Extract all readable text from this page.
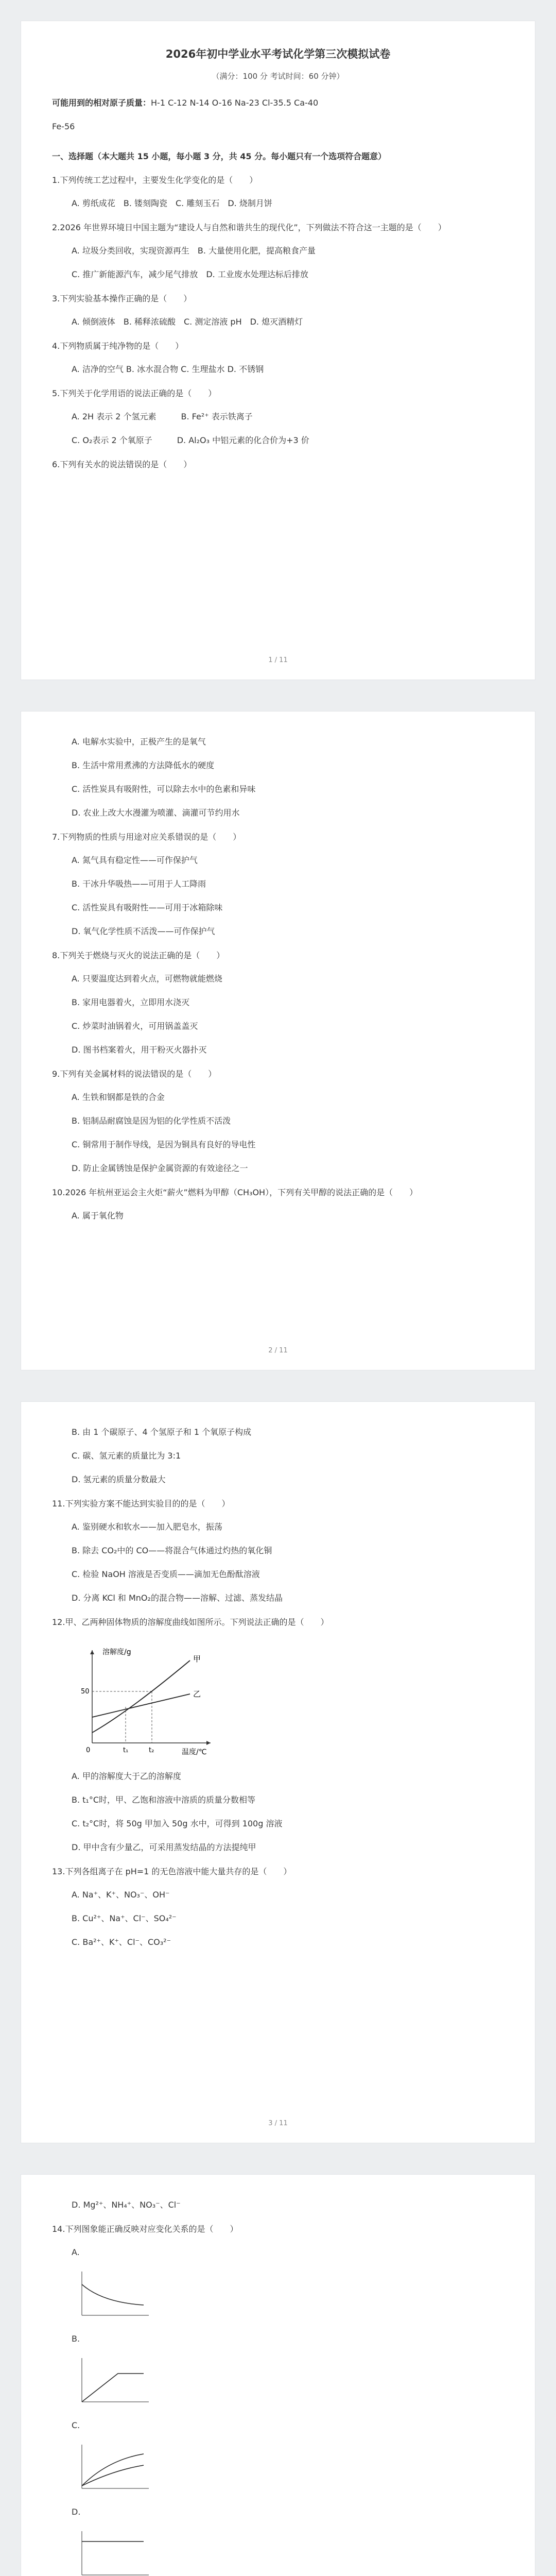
2026年初中学业水平考试化学第三次模拟试卷
（满分：100 分 考试时间：60 分钟）
可能用到的相对原子质量：H-1 C-12 N-14 O-16 Na-23 Cl-35.5 Ca-40
Fe-56
一、选择题（本大题共 15 小题，每小题 3 分，共 45 分。每小题只有一个选项符合题意）
1.下列传统工艺过程中，主要发生化学变化的是（　　）
A. 剪纸成花　B. 镂刻陶瓷　C. 雕刻玉石　D. 烧制月饼
2.2026 年世界环境日中国主题为“建设人与自然和谐共生的现代化”，下列做法不符合这一主题的是（　　）
A. 垃圾分类回收，实现资源再生　B. 大量使用化肥，提高粮食产量
C. 推广新能源汽车，减少尾气排放　D. 工业废水处理达标后排放
3.下列实验基本操作正确的是（　　）
A. 倾倒液体　B. 稀释浓硫酸　C. 测定溶液 pH　D. 熄灭酒精灯
4.下列物质属于纯净物的是（　　）
A. 洁净的空气 B. 冰水混合物 C. 生理盐水 D. 不锈钢
5.下列关于化学用语的说法正确的是（　　）
A. 2H 表示 2 个氢元素　　　B. Fe²⁺ 表示铁离子
C. O₂表示 2 个氧原子　　　D. Al₂O₃ 中铝元素的化合价为+3 价
6.下列有关水的说法错误的是（　　）
1 / 11
A. 电解水实验中，正极产生的是氧气
B. 生活中常用煮沸的方法降低水的硬度
C. 活性炭具有吸附性，可以除去水中的色素和异味
D. 农业上改大水漫灌为喷灌、滴灌可节约用水
7.下列物质的性质与用途对应关系错误的是（　　）
A. 氮气具有稳定性——可作保护气
B. 干冰升华吸热——可用于人工降雨
C. 活性炭具有吸附性——可用于冰箱除味
D. 氧气化学性质不活泼——可作保护气
8.下列关于燃烧与灭火的说法正确的是（　　）
A. 只要温度达到着火点，可燃物就能燃烧
B. 家用电器着火，立即用水浇灭
C. 炒菜时油锅着火，可用锅盖盖灭
D. 图书档案着火，用干粉灭火器扑灭
9.下列有关金属材料的说法错误的是（　　）
A. 生铁和钢都是铁的合金
B. 铝制品耐腐蚀是因为铝的化学性质不活泼
C. 铜常用于制作导线，是因为铜具有良好的导电性
D. 防止金属锈蚀是保护金属资源的有效途径之一
10.2026 年杭州亚运会主火炬“薪火”燃料为甲醇（CH₃OH），下列有关甲醇的说法正确的是（　　）
A. 属于氧化物
2 / 11
B. 由 1 个碳原子、4 个氢原子和 1 个氧原子构成
C. 碳、氢元素的质量比为 3:1
D. 氢元素的质量分数最大
11.下列实验方案不能达到实验目的的是（　　）
A. 鉴别硬水和软水——加入肥皂水，振荡
B. 除去 CO₂中的 CO——将混合气体通过灼热的氧化铜
C. 检验 NaOH 溶液是否变质——滴加无色酚酞溶液
D. 分离 KCl 和 MnO₂的混合物——溶解、过滤、蒸发结晶
12.甲、乙两种固体物质的溶解度曲线如图所示。下列说法正确的是（　　）
溶解度/g
温度/℃
50
0	t₁	t₂
甲
乙
A. 甲的溶解度大于乙的溶解度
B. t₁°C时，甲、乙饱和溶液中溶质的质量分数相等
C. t₂°C时，将 50g 甲加入 50g 水中，可得到 100g 溶液
D. 甲中含有少量乙，可采用蒸发结晶的方法提纯甲
13.下列各组离子在 pH=1 的无色溶液中能大量共存的是（　　）
A. Na⁺、K⁺、NO₃⁻、OH⁻
B. Cu²⁺、Na⁺、Cl⁻、SO₄²⁻
C. Ba²⁺、K⁺、Cl⁻、CO₃²⁻
3 / 11
D. Mg²⁺、NH₄⁺、NO₃⁻、Cl⁻
14.下列图象能正确反映对应变化关系的是（　　）
A.
B.
C.
D.
